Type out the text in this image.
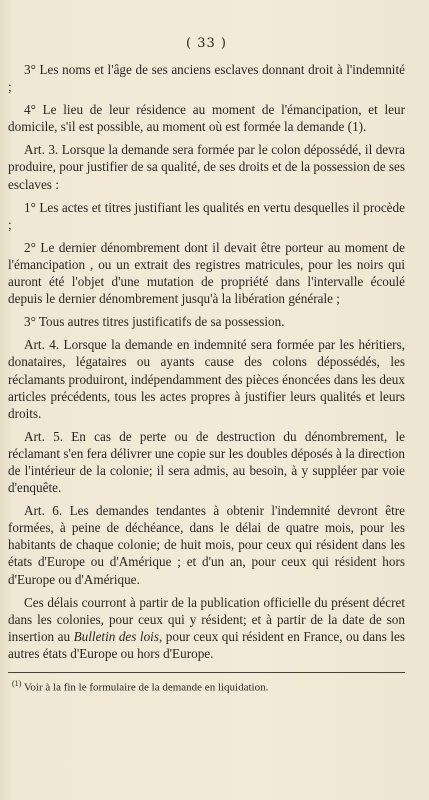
( 33 )

3° Les noms et l'âge de ses anciens esclaves donnant droit à l'indemnité ;

4° Le lieu de leur résidence au moment de l'émancipation, et leur domicile, s'il est possible, au moment où est formée la demande (1).

Art. 3. Lorsque la demande sera formée par le colon dépossédé, il devra produire, pour justifier de sa qualité, de ses droits et de la possession de ses esclaves :

1° Les actes et titres justifiant les qualités en vertu desquelles il procède ;

2° Le dernier dénombrement dont il devait être porteur au moment de l'émancipation , ou un extrait des registres matricules, pour les noirs qui auront été l'objet d'une mutation de propriété dans l'intervalle écoulé depuis le dernier dénombrement jusqu'à la libération générale ;

3° Tous autres titres justificatifs de sa possession.

Art. 4. Lorsque la demande en indemnité sera formée par les héritiers, donataires, légataires ou ayants cause des colons dépossédés, les réclamants produiront, indépendamment des pièces énoncées dans les deux articles précédents, tous les actes propres à justifier leurs qualités et leurs droits.

Art. 5. En cas de perte ou de destruction du dénombrement, le réclamant s'en fera délivrer une copie sur les doubles déposés à la direction de l'intérieur de la colonie; il sera admis, au besoin, à y suppléer par voie d'enquête.

Art. 6. Les demandes tendantes à obtenir l'indemnité devront être formées, à peine de déchéance, dans le délai de quatre mois, pour les habitants de chaque colonie; de huit mois, pour ceux qui résident dans les états d'Europe ou d'Amérique ; et d'un an, pour ceux qui résident hors d'Europe ou d'Amérique.

Ces délais courront à partir de la publication officielle du présent décret dans les colonies, pour ceux qui y résident; et à partir de la date de son insertion au Bulletin des lois, pour ceux qui résident en France, ou dans les autres états d'Europe ou hors d'Europe.

$^{(1)}$ Voir à la fin le formulaire de la demande en liquidation.
